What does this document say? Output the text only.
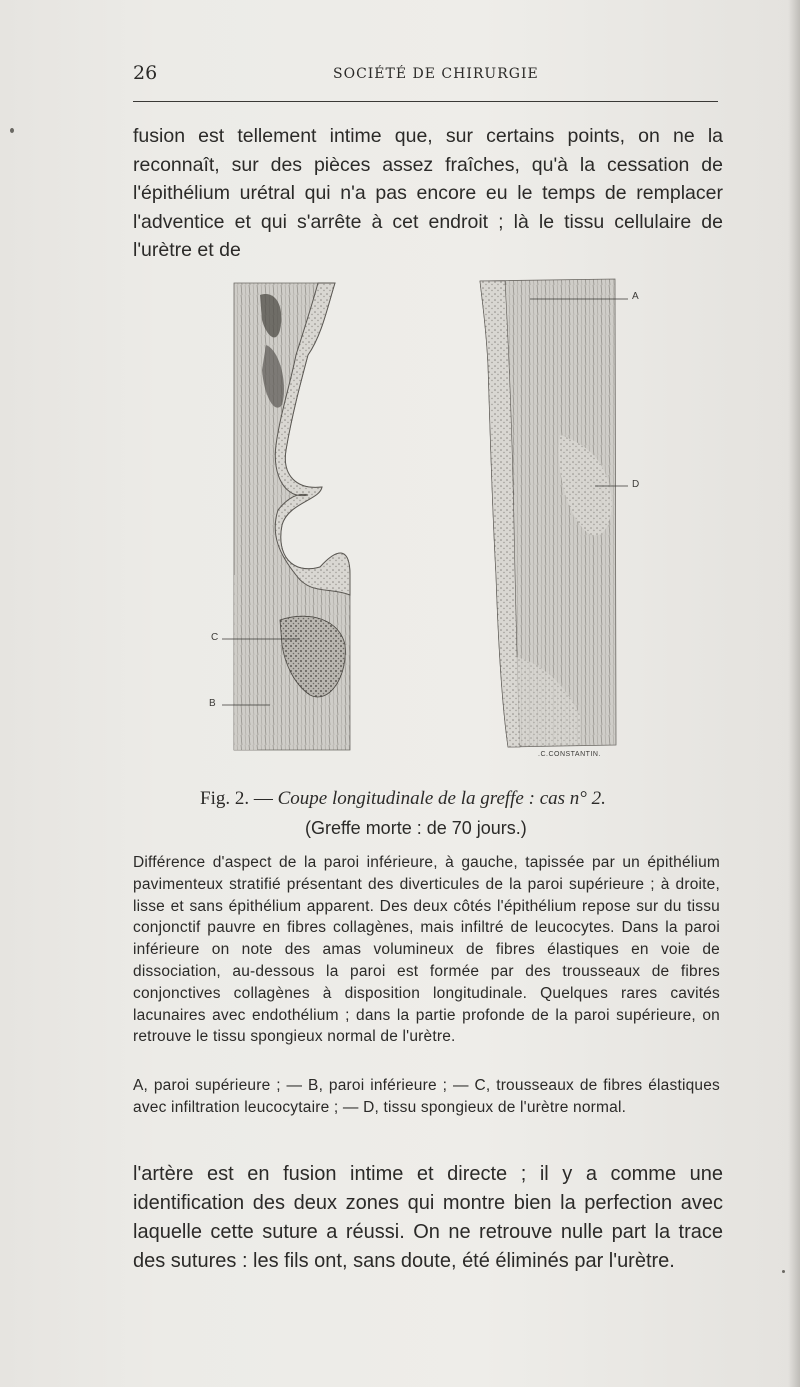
26	SOCIÉTÉ DE CHIRURGIE

fusion est tellement intime que, sur certains points, on ne la reconnaît, sur des pièces assez fraîches, qu'à la cessation de l'épithélium urétral qui n'a pas encore eu le temps de remplacer l'adventice et qui s'arrête à cet endroit ; là le tissu cellulaire de l'urètre et de

A
D
C
B
.C.CONSTANTIN.
Fig. 2. — Coupe longitudinale de la greffe : cas n° 2.
(Greffe morte : de 70 jours.)

Différence d'aspect de la paroi inférieure, à gauche, tapissée par un épithélium pavimenteux stratifié présentant des diverticules de la paroi supérieure ; à droite, lisse et sans épithélium apparent. Des deux côtés l'épithélium repose sur du tissu conjonctif pauvre en fibres collagènes, mais infiltré de leucocytes. Dans la paroi inférieure on note des amas volumineux de fibres élastiques en voie de dissociation, au-dessous la paroi est formée par des trousseaux de fibres conjonctives collagènes à disposition longitudinale. Quelques rares cavités lacunaires avec endothélium ; dans la partie profonde de la paroi supérieure, on retrouve le tissu spongieux normal de l'urètre.

A, paroi supérieure ; — B, paroi inférieure ; — C, trousseaux de fibres élastiques avec infiltration leucocytaire ; — D, tissu spongieux de l'urètre normal.

l'artère est en fusion intime et directe ; il y a comme une identification des deux zones qui montre bien la perfection avec laquelle cette suture a réussi. On ne retrouve nulle part la trace des sutures : les fils ont, sans doute, été éliminés par l'urètre.
